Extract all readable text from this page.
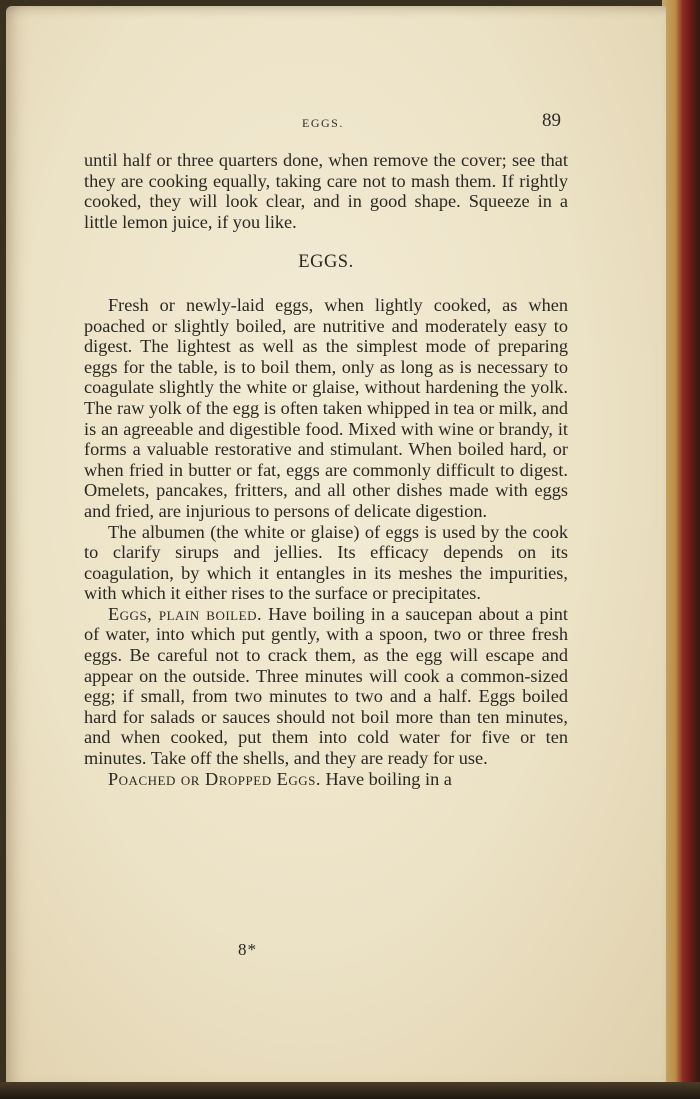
EGGS.	89

until half or three quarters done, when remove the cover; see that they are cooking equally, taking care not to mash them. If rightly cooked, they will look clear, and in good shape. Squeeze in a little lemon juice, if you like.

EGGS.

Fresh or newly-laid eggs, when lightly cooked, as when poached or slightly boiled, are nutritive and moderately easy to digest. The lightest as well as the simplest mode of preparing eggs for the table, is to boil them, only as long as is necessary to coagulate slightly the white or glaise, without hardening the yolk. The raw yolk of the egg is often taken whipped in tea or milk, and is an agreeable and digestible food. Mixed with wine or brandy, it forms a valuable restorative and stimulant. When boiled hard, or when fried in butter or fat, eggs are commonly difficult to digest. Omelets, pancakes, fritters, and all other dishes made with eggs and fried, are injurious to persons of delicate digestion.

The albumen (the white or glaise) of eggs is used by the cook to clarify sirups and jellies. Its efficacy depends on its coagulation, by which it entangles in its meshes the impurities, with which it either rises to the surface or precipitates.

Eggs, plain boiled. Have boiling in a saucepan about a pint of water, into which put gently, with a spoon, two or three fresh eggs. Be careful not to crack them, as the egg will escape and appear on the outside. Three minutes will cook a common-sized egg; if small, from two minutes to two and a half. Eggs boiled hard for salads or sauces should not boil more than ten minutes, and when cooked, put them into cold water for five or ten minutes. Take off the shells, and they are ready for use.

Poached or Dropped Eggs. Have boiling in a

8*
